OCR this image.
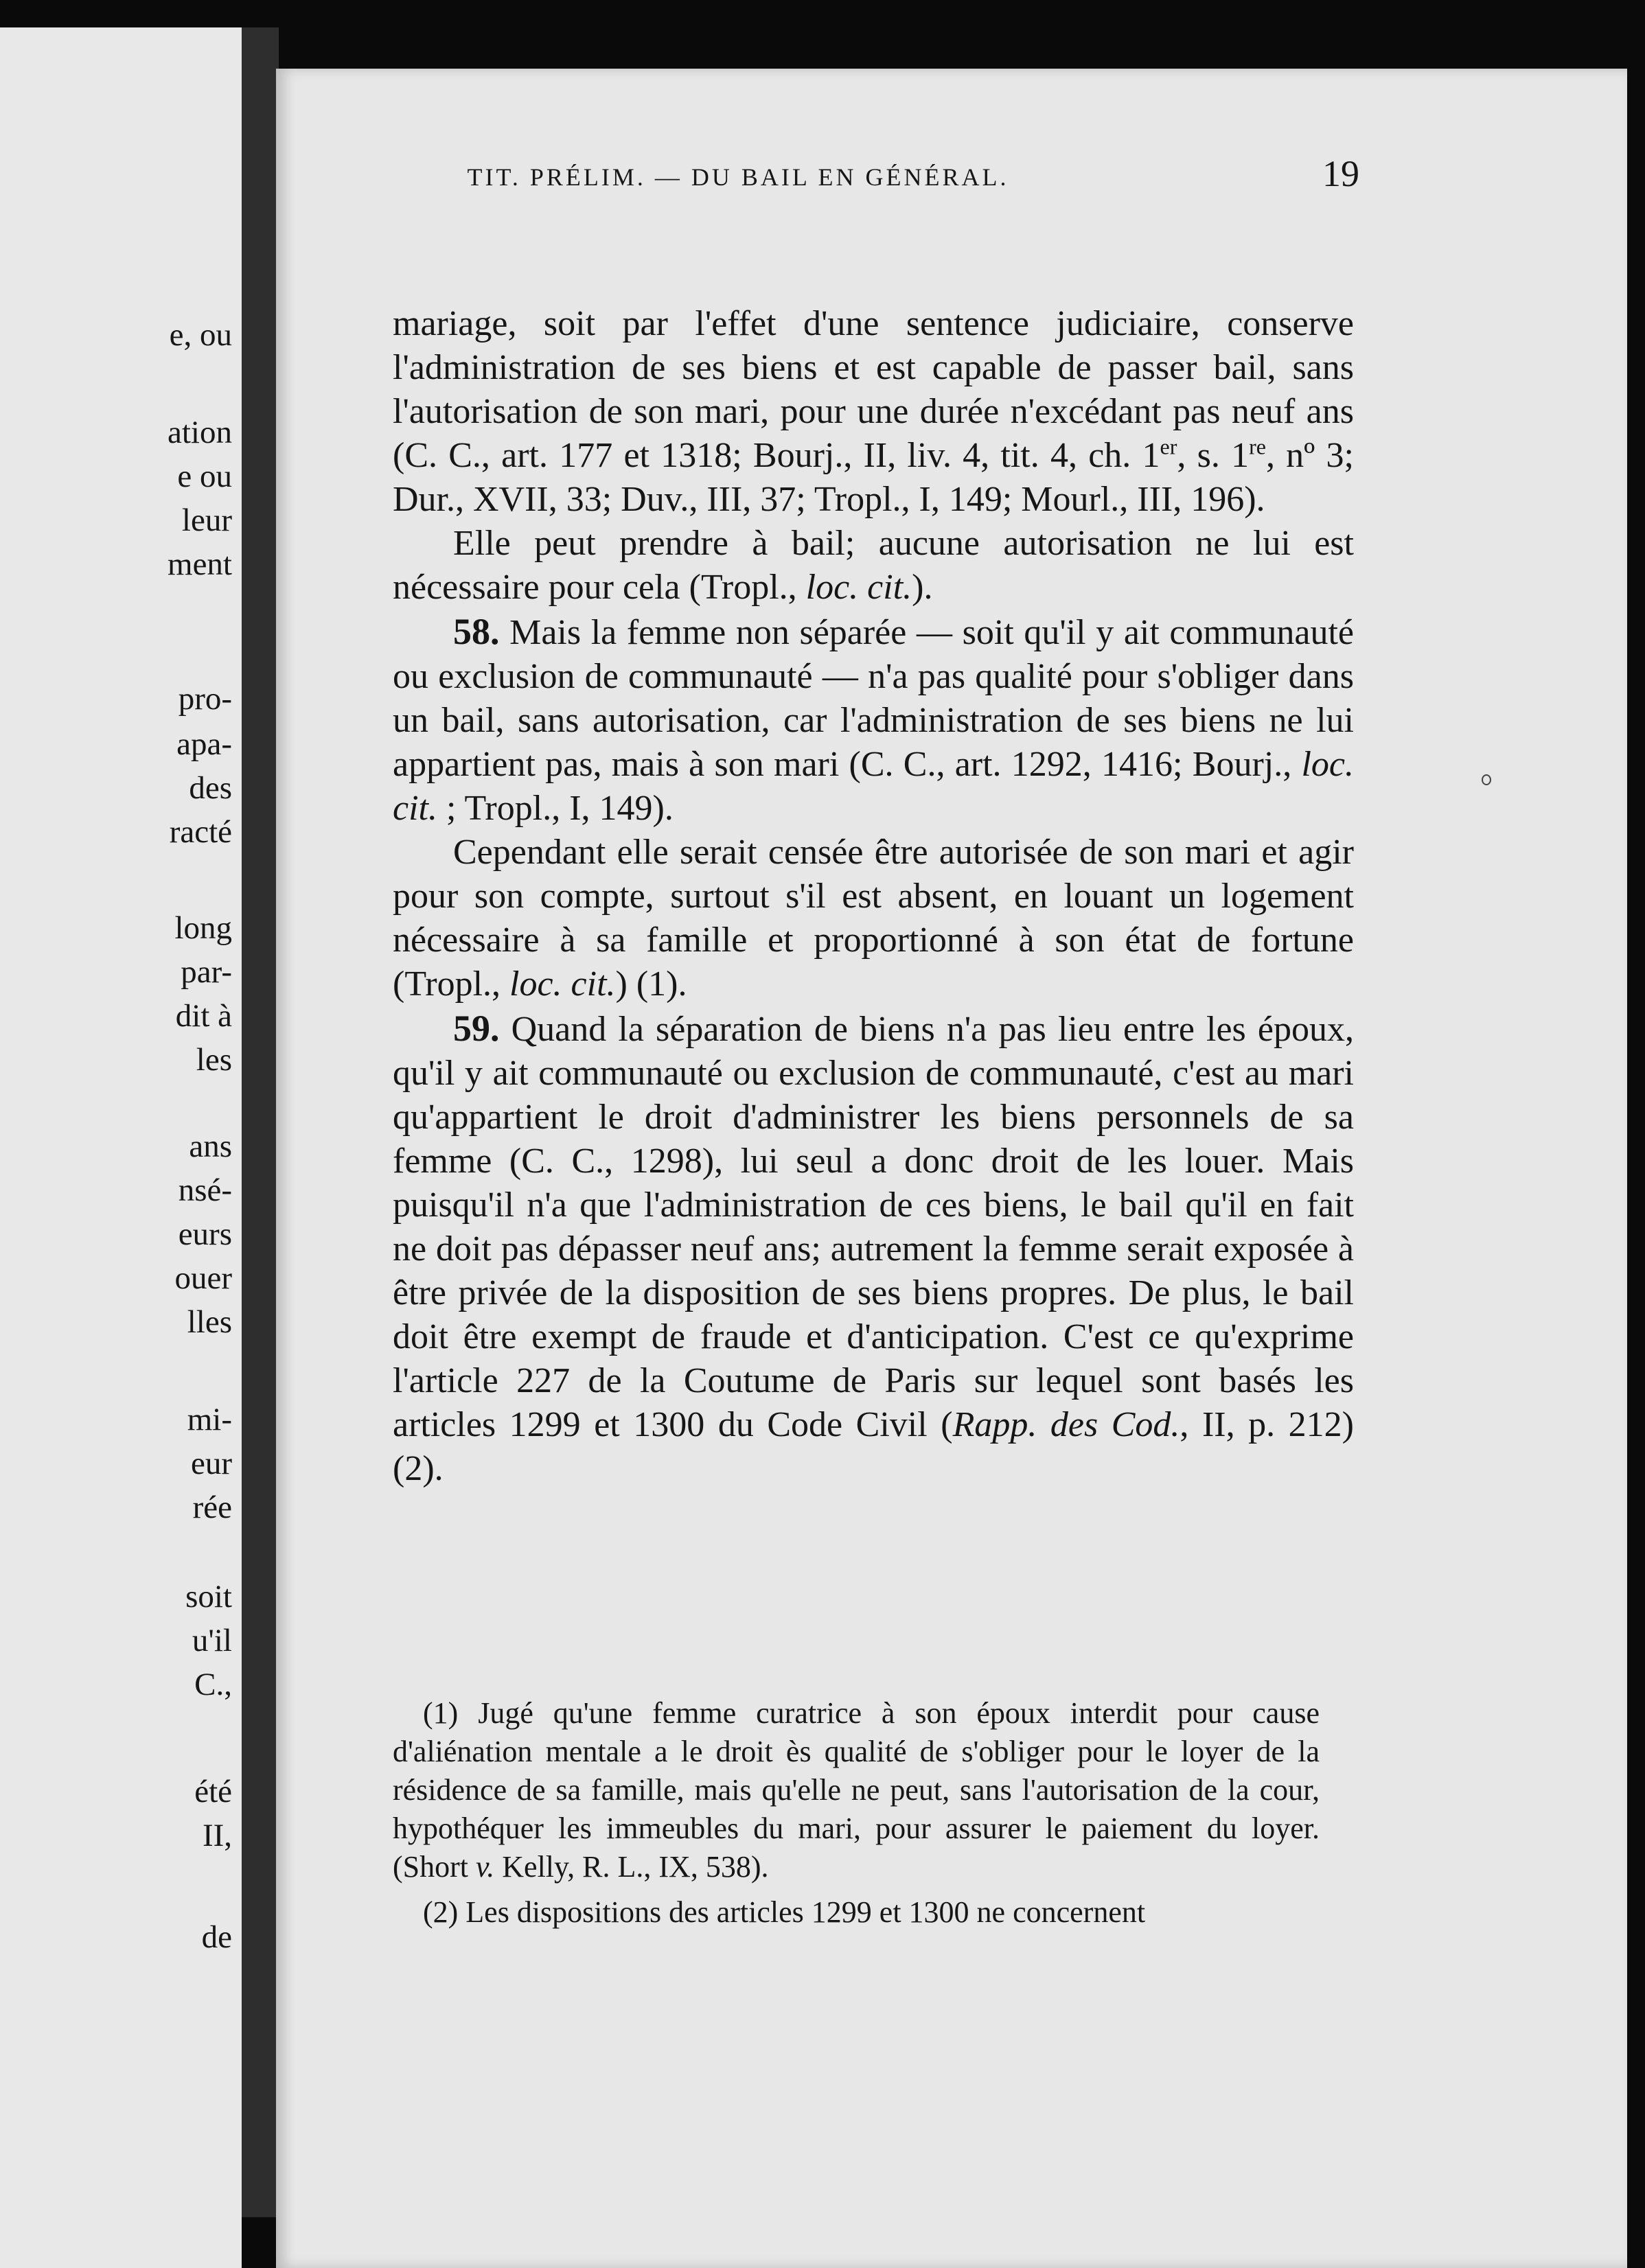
e, ou
ation
e ou
leur
ment
pro-
apa-
des
racté
long
par-
dit à
les
ans
nsé-
eurs
ouer
lles
mi-
eur
rée
soit
u'il
C.,
été
II,
de
TIT. PRÉLIM. — DU BAIL EN GÉNÉRAL.	19

mariage, soit par l'effet d'une sentence judiciaire, conserve l'administration de ses biens et est capable de passer bail, sans l'autorisation de son mari, pour une durée n'excédant pas neuf ans (C. C., art. 177 et 1318; Bourj., II, liv. 4, tit. 4, ch. 1er, s. 1re, nº 3; Dur., XVII, 33; Duv., III, 37; Tropl., I, 149; Mourl., III, 196).

Elle peut prendre à bail; aucune autorisation ne lui est nécessaire pour cela (Tropl., loc. cit.).

58. Mais la femme non séparée — soit qu'il y ait communauté ou exclusion de communauté — n'a pas qualité pour s'obliger dans un bail, sans autorisation, car l'administration de ses biens ne lui appartient pas, mais à son mari (C. C., art. 1292, 1416; Bourj., loc. cit. ; Tropl., I, 149).

Cependant elle serait censée être autorisée de son mari et agir pour son compte, surtout s'il est absent, en louant un logement nécessaire à sa famille et proportionné à son état de fortune (Tropl., loc. cit.) (1).

59. Quand la séparation de biens n'a pas lieu entre les époux, qu'il y ait communauté ou exclusion de communauté, c'est au mari qu'appartient le droit d'administrer les biens personnels de sa femme (C. C., 1298), lui seul a donc droit de les louer. Mais puisqu'il n'a que l'administration de ces biens, le bail qu'il en fait ne doit pas dépasser neuf ans; autrement la femme serait exposée à être privée de la disposition de ses biens propres. De plus, le bail doit être exempt de fraude et d'anticipation. C'est ce qu'exprime l'article 227 de la Coutume de Paris sur lequel sont basés les articles 1299 et 1300 du Code Civil (Rapp. des Cod., II, p. 212) (2).

(1) Jugé qu'une femme curatrice à son époux interdit pour cause d'aliénation mentale a le droit ès qualité de s'obliger pour le loyer de la résidence de sa famille, mais qu'elle ne peut, sans l'autorisation de la cour, hypothéquer les immeubles du mari, pour assurer le paiement du loyer. (Short v. Kelly, R. L., IX, 538).

(2) Les dispositions des articles 1299 et 1300 ne concernent
